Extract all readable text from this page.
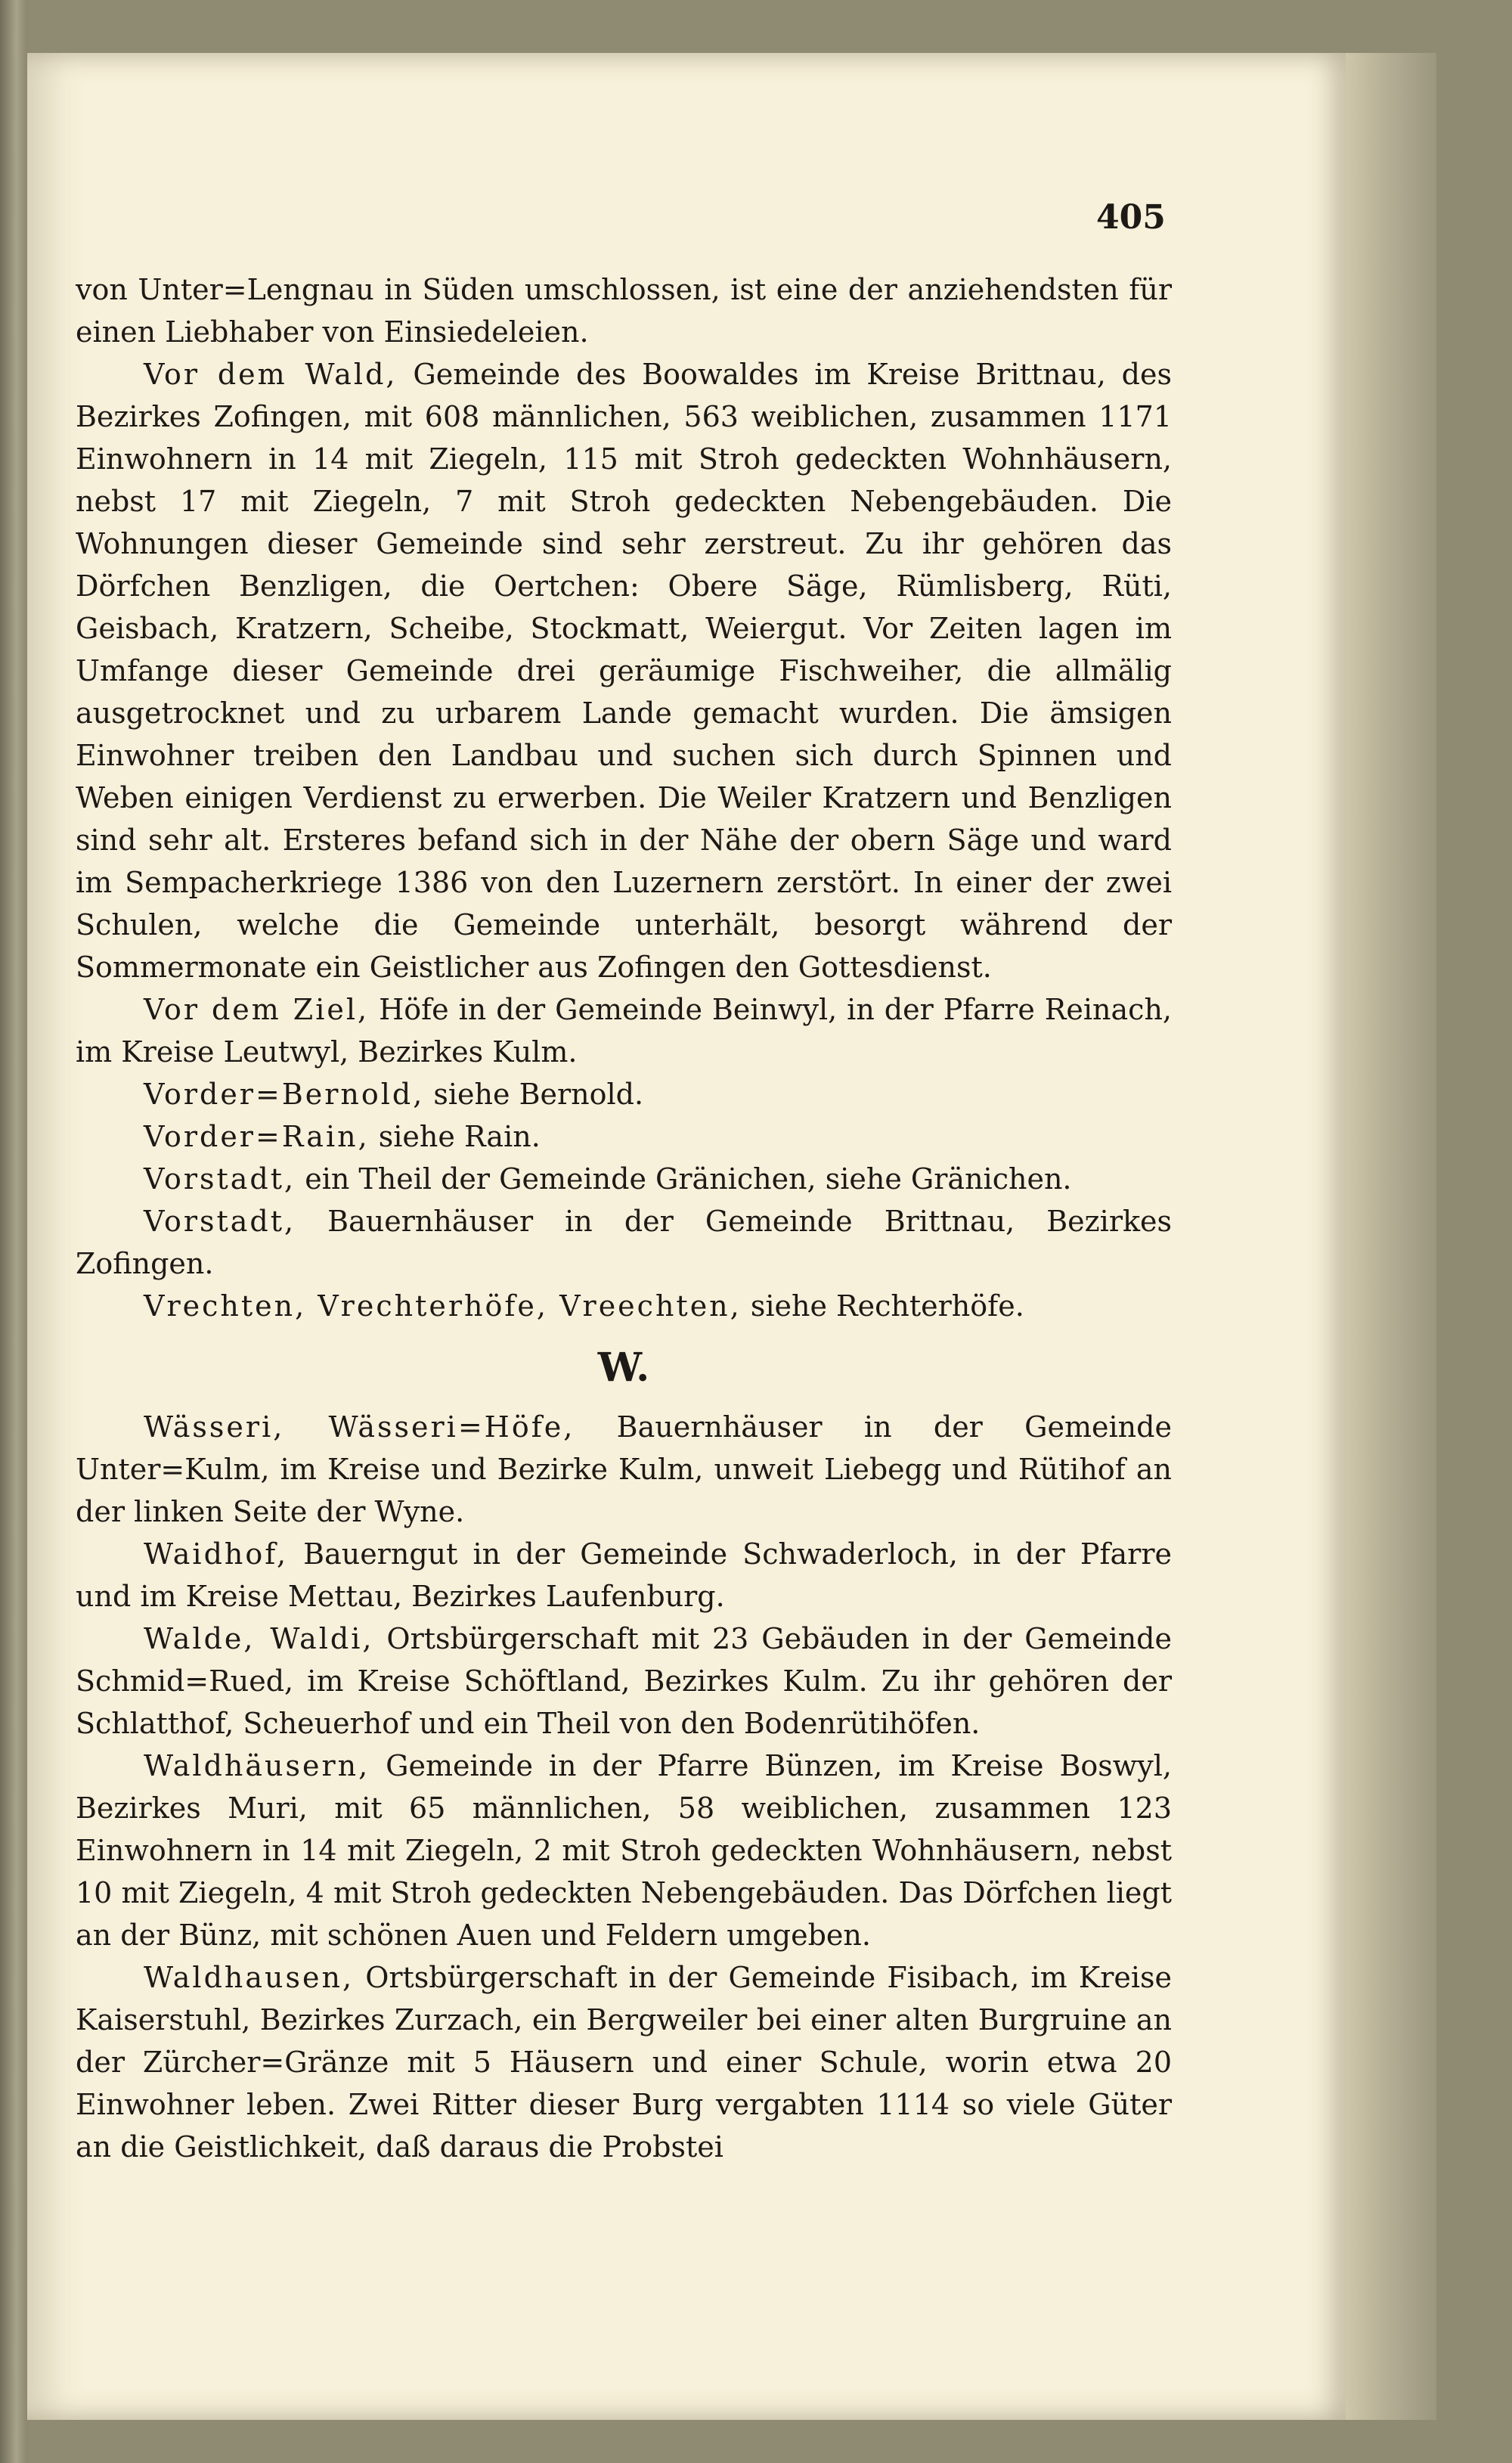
405

von Unter=Lengnau in Süden umschlossen, ist eine der anziehendsten für einen Liebhaber von Einsiedeleien.

Vor dem Wald, Gemeinde des Boowaldes im Kreise Brittnau, des Bezirkes Zofingen, mit 608 männlichen, 563 weiblichen, zusammen 1171 Einwohnern in 14 mit Ziegeln, 115 mit Stroh gedeckten Wohnhäusern, nebst 17 mit Ziegeln, 7 mit Stroh gedeckten Nebengebäuden. Die Wohnungen dieser Gemeinde sind sehr zerstreut. Zu ihr gehören das Dörfchen Benzligen, die Oertchen: Obere Säge, Rümlisberg, Rüti, Geisbach, Kratzern, Scheibe, Stockmatt, Weiergut. Vor Zeiten lagen im Umfange dieser Gemeinde drei geräumige Fischweiher, die allmälig ausgetrocknet und zu urbarem Lande gemacht wurden. Die ämsigen Einwohner treiben den Landbau und suchen sich durch Spinnen und Weben einigen Verdienst zu erwerben. Die Weiler Kratzern und Benzligen sind sehr alt. Ersteres befand sich in der Nähe der obern Säge und ward im Sempacherkriege 1386 von den Luzernern zerstört. In einer der zwei Schulen, welche die Gemeinde unterhält, besorgt während der Sommermonate ein Geistlicher aus Zofingen den Gottesdienst.

Vor dem Ziel, Höfe in der Gemeinde Beinwyl, in der Pfarre Reinach, im Kreise Leutwyl, Bezirkes Kulm.

Vorder=Bernold, siehe Bernold.

Vorder=Rain, siehe Rain.

Vorstadt, ein Theil der Gemeinde Gränichen, siehe Gränichen.

Vorstadt, Bauernhäuser in der Gemeinde Brittnau, Bezirkes Zofingen.

Vrechten, Vrechterhöfe, Vreechten, siehe Rechterhöfe.

W.

Wässeri, Wässeri=Höfe, Bauernhäuser in der Gemeinde Unter=Kulm, im Kreise und Bezirke Kulm, unweit Liebegg und Rütihof an der linken Seite der Wyne.

Waidhof, Bauerngut in der Gemeinde Schwaderloch, in der Pfarre und im Kreise Mettau, Bezirkes Laufenburg.

Walde, Waldi, Ortsbürgerschaft mit 23 Gebäuden in der Gemeinde Schmid=Rued, im Kreise Schöftland, Bezirkes Kulm. Zu ihr gehören der Schlatthof, Scheuerhof und ein Theil von den Bodenrütihöfen.

Waldhäusern, Gemeinde in der Pfarre Bünzen, im Kreise Boswyl, Bezirkes Muri, mit 65 männlichen, 58 weiblichen, zusammen 123 Einwohnern in 14 mit Ziegeln, 2 mit Stroh gedeckten Wohnhäusern, nebst 10 mit Ziegeln, 4 mit Stroh gedeckten Nebengebäuden. Das Dörfchen liegt an der Bünz, mit schönen Auen und Feldern umgeben.

Waldhausen, Ortsbürgerschaft in der Gemeinde Fisibach, im Kreise Kaiserstuhl, Bezirkes Zurzach, ein Bergweiler bei einer alten Burgruine an der Zürcher=Gränze mit 5 Häusern und einer Schule, worin etwa 20 Einwohner leben. Zwei Ritter dieser Burg vergabten 1114 so viele Güter an die Geistlichkeit, daß daraus die Probstei
